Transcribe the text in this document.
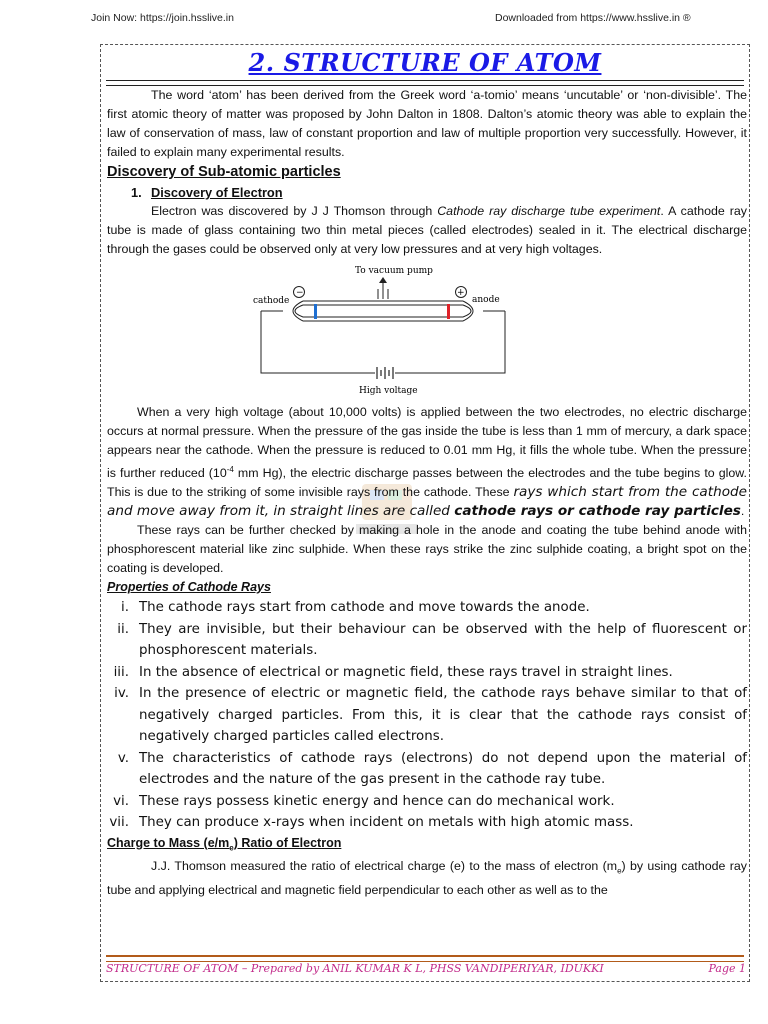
Join Now: https://join.hsslive.in	Downloaded from https://www.hsslive.in ®
2. STRUCTURE OF ATOM

The word ‘atom’ has been derived from the Greek word ‘a-tomio’ means ‘uncutable’ or ‘non-divisible’. The first atomic theory of matter was proposed by John Dalton in 1808. Dalton’s atomic theory was able to explain the law of conservation of mass, law of constant proportion and law of multiple proportion very successfully. However, it failed to explain many experimental results.

Discovery of Sub-atomic particles

1. Discovery of Electron

Electron was discovered by J J Thomson through Cathode ray discharge tube experiment. A cathode ray tube is made of glass containing two thin metal pieces (called electrodes) sealed in it. The electrical discharge through the gases could be observed only at very low pressures and at very high voltages.

To vacuum pump
cathode	anode
−	+
High voltage

When a very high voltage (about 10,000 volts) is applied between the two electrodes, no electric discharge occurs at normal pressure. When the pressure of the gas inside the tube is less than 1 mm of mercury, a dark space appears near the cathode. When the pressure is reduced to 0.01 mm Hg, it fills the whole tube. When the pressure is further reduced ($10^{-4}$ mm Hg), the electric discharge passes between the electrodes and the tube begins to glow. This is due to the striking of some invisible rays from the cathode. These rays which start from the cathode and move away from it, in straight lines are called cathode rays or cathode ray particles.

These rays can be further checked by making a hole in the anode and coating the tube behind anode with phosphorescent material like zinc sulphide. When these rays strike the zinc sulphide coating, a bright spot on the coating is developed.

Properties of Cathode Rays

i. The cathode rays start from cathode and move towards the anode.
ii. They are invisible, but their behaviour can be observed with the help of fluorescent or phosphorescent materials.
iii. In the absence of electrical or magnetic field, these rays travel in straight lines.
iv. In the presence of electric or magnetic field, the cathode rays behave similar to that of negatively charged particles. From this, it is clear that the cathode rays consist of negatively charged particles called electrons.
v. The characteristics of cathode rays (electrons) do not depend upon the material of electrodes and the nature of the gas present in the cathode ray tube.
vi. These rays possess kinetic energy and hence can do mechanical work.
vii. They can produce x-rays when incident on metals with high atomic mass.

Charge to Mass $(e/m_e)$ Ratio of Electron

J.J. Thomson measured the ratio of electrical charge (e) to the mass of electron $(m_e)$ by using cathode ray tube and applying electrical and magnetic field perpendicular to each other as well as to the

STRUCTURE OF ATOM – Prepared by ANIL KUMAR K L, PHSS VANDIPERIYAR, IDUKKI	Page 1
